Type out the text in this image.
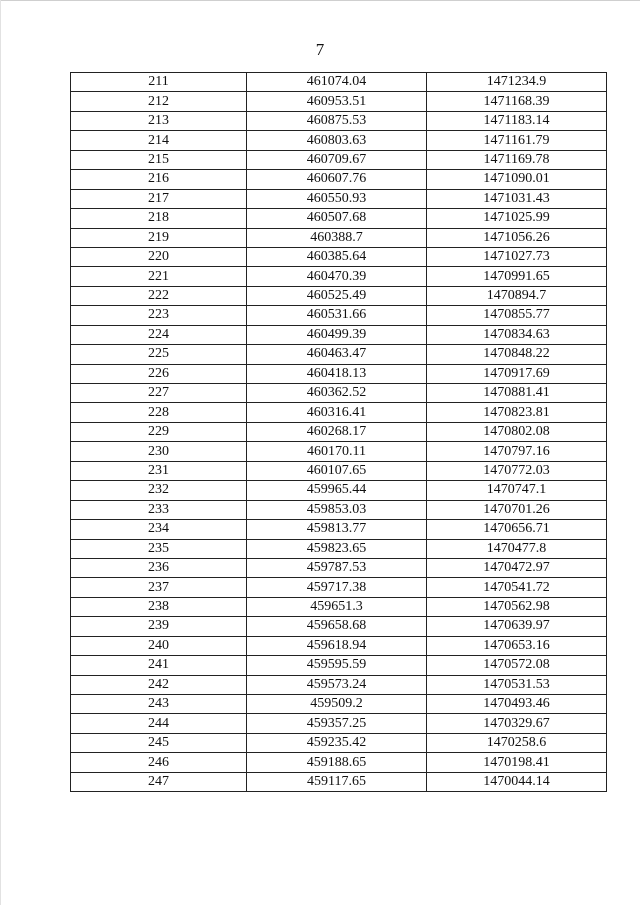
7
211	461074.04	1471234.9
212	460953.51	1471168.39
213	460875.53	1471183.14
214	460803.63	1471161.79
215	460709.67	1471169.78
216	460607.76	1471090.01
217	460550.93	1471031.43
218	460507.68	1471025.99
219	460388.7	1471056.26
220	460385.64	1471027.73
221	460470.39	1470991.65
222	460525.49	1470894.7
223	460531.66	1470855.77
224	460499.39	1470834.63
225	460463.47	1470848.22
226	460418.13	1470917.69
227	460362.52	1470881.41
228	460316.41	1470823.81
229	460268.17	1470802.08
230	460170.11	1470797.16
231	460107.65	1470772.03
232	459965.44	1470747.1
233	459853.03	1470701.26
234	459813.77	1470656.71
235	459823.65	1470477.8
236	459787.53	1470472.97
237	459717.38	1470541.72
238	459651.3	1470562.98
239	459658.68	1470639.97
240	459618.94	1470653.16
241	459595.59	1470572.08
242	459573.24	1470531.53
243	459509.2	1470493.46
244	459357.25	1470329.67
245	459235.42	1470258.6
246	459188.65	1470198.41
247	459117.65	1470044.14
